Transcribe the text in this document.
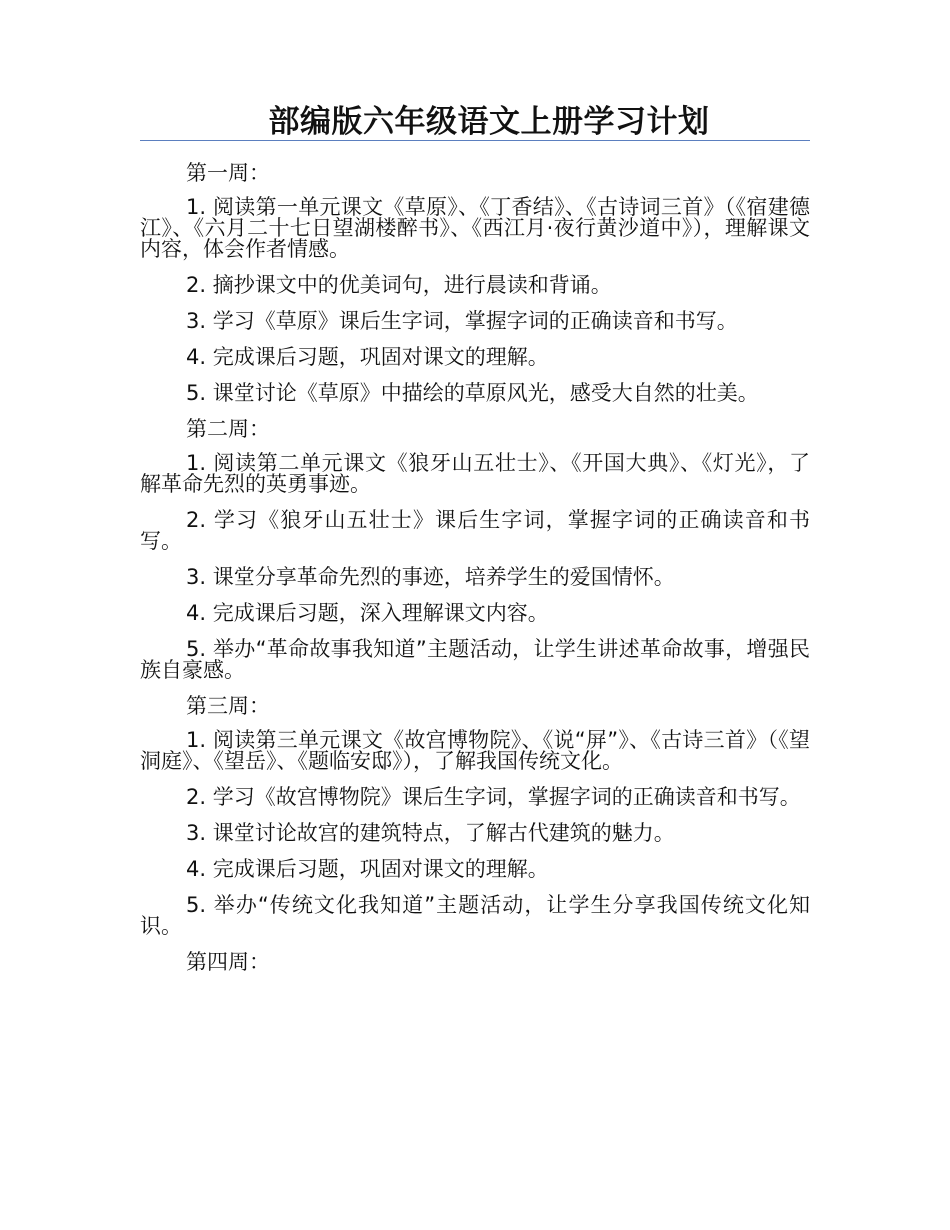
部编版六年级语文上册学习计划
第一周：

1. 阅读第一单元课文《草原》、《丁香结》、《古诗词三首》（《宿建德江》、《六月二十七日望湖楼醉书》、《西江月·夜行黄沙道中》），理解课文内容，体会作者情感。

2. 摘抄课文中的优美词句，进行晨读和背诵。

3. 学习《草原》课后生字词，掌握字词的正确读音和书写。

4. 完成课后习题，巩固对课文的理解。

5. 课堂讨论《草原》中描绘的草原风光，感受大自然的壮美。

第二周：

1. 阅读第二单元课文《狼牙山五壮士》、《开国大典》、《灯光》，了解革命先烈的英勇事迹。

2. 学习《狼牙山五壮士》课后生字词，掌握字词的正确读音和书写。

3. 课堂分享革命先烈的事迹，培养学生的爱国情怀。

4. 完成课后习题，深入理解课文内容。

5. 举办“革命故事我知道”主题活动，让学生讲述革命故事，增强民族自豪感。

第三周：

1. 阅读第三单元课文《故宫博物院》、《说“屏”》、《古诗三首》（《望洞庭》、《望岳》、《题临安邸》），了解我国传统文化。

2. 学习《故宫博物院》课后生字词，掌握字词的正确读音和书写。

3. 课堂讨论故宫的建筑特点，了解古代建筑的魅力。

4. 完成课后习题，巩固对课文的理解。

5. 举办“传统文化我知道”主题活动，让学生分享我国传统文化知识。

第四周：
